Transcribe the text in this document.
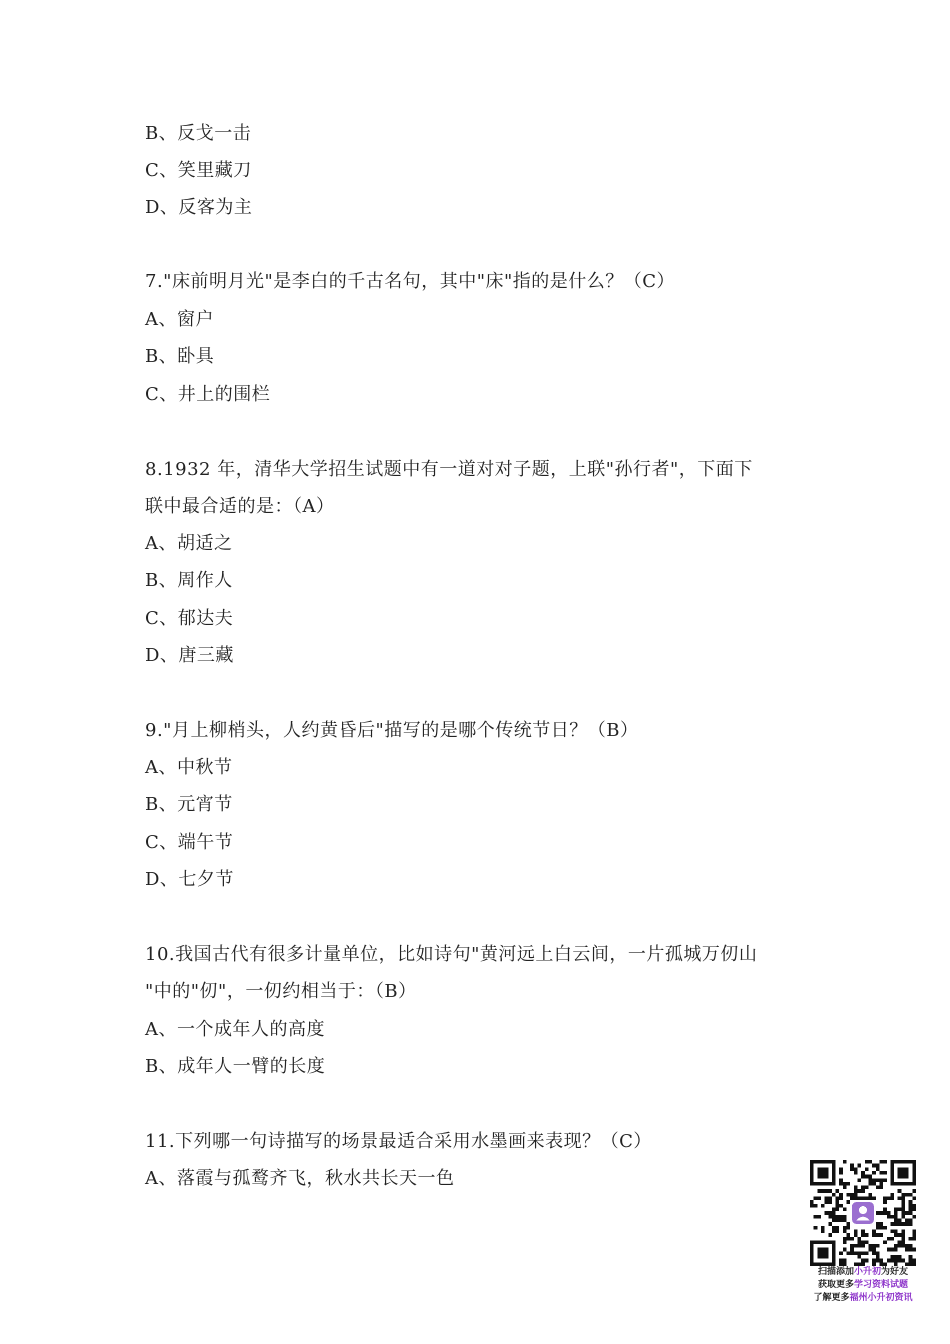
B、反戈一击
C、笑里藏刀
D、反客为主
7."床前明月光"是李白的千古名句，其中"床"指的是什么？（C）
A、窗户
B、卧具
C、井上的围栏
8.1932 年，清华大学招生试题中有一道对对子题，上联"孙行者"，下面下
联中最合适的是：（A）
A、胡适之
B、周作人
C、郁达夫
D、唐三藏
9."月上柳梢头，人约黄昏后"描写的是哪个传统节日？（B）
A、中秋节
B、元宵节
C、端午节
D、七夕节
10.我国古代有很多计量单位，比如诗句"黄河远上白云间，一片孤城万仞山
"中的"仞"，一仞约相当于：（B）
A、一个成年人的高度
B、成年人一臂的长度
11.下列哪一句诗描写的场景最适合采用水墨画来表现？（C）
A、落霞与孤鹜齐飞，秋水共长天一色
扫描添加小升初为好友
获取更多学习资料试题
了解更多福州小升初资讯
